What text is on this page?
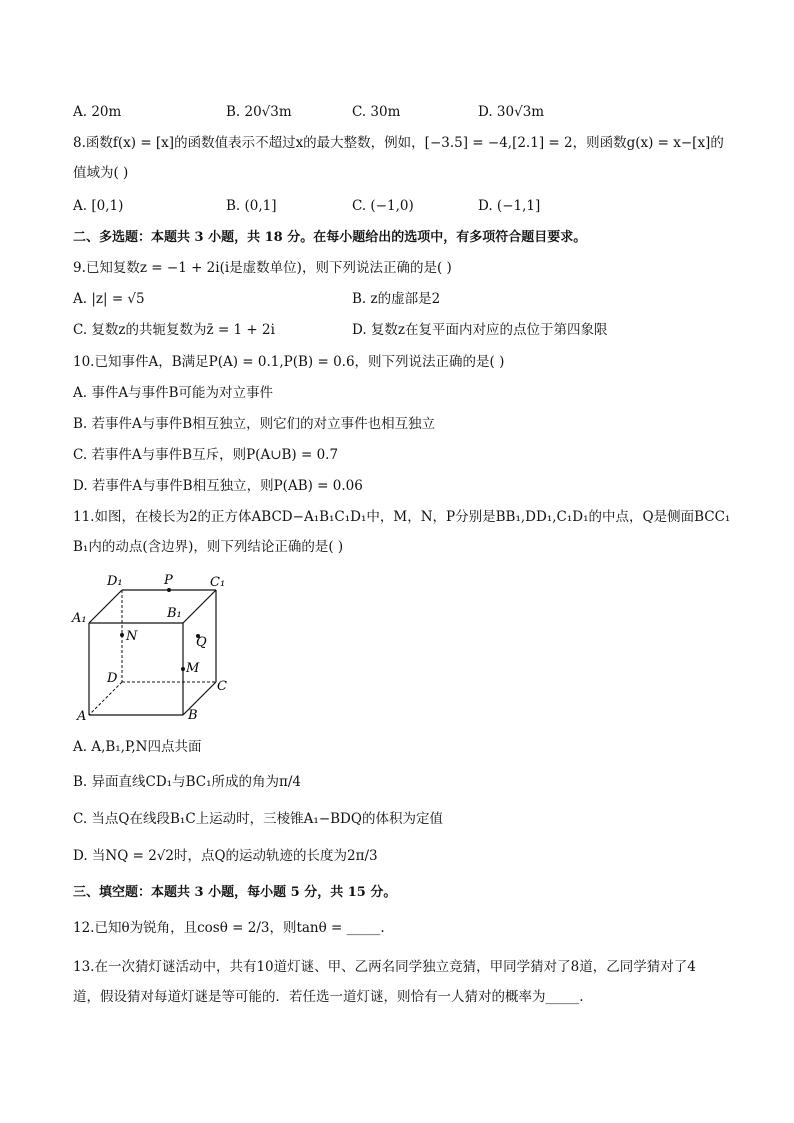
A. 20m	B. 20√3m	C. 30m	D. 30√3m
8.函数f(x) = [x]的函数值表示不超过x的最大整数，例如，[−3.5] = −4,[2.1] = 2，则函数g(x) = x−[x]的
值域为( )
A. [0,1)	B. (0,1]	C. (−1,0)	D. (−1,1]
二、多选题：本题共 3 小题，共 18 分。在每小题给出的选项中，有多项符合题目要求。
9.已知复数z = −1 + 2i(i是虚数单位)，则下列说法正确的是( )
A. |z| = √5	B. z的虚部是2
C. 复数z的共轭复数为z̄ = 1 + 2i	D. 复数z在复平面内对应的点位于第四象限
10.已知事件A，B满足P(A) = 0.1,P(B) = 0.6，则下列说法正确的是( )
A. 事件A与事件B可能为对立事件
B. 若事件A与事件B相互独立，则它们的对立事件也相互独立
C. 若事件A与事件B互斥，则P(A∪B) = 0.7
D. 若事件A与事件B相互独立，则P(AB) = 0.06
11.如图，在棱长为2的正方体ABCD−A₁B₁C₁D₁中，M，N，P分别是BB₁,DD₁,C₁D₁的中点，Q是侧面BCC₁
B₁内的动点(含边界)，则下列结论正确的是( )
D₁	P	C₁
A₁	B₁
N	Q
M
D
C
A	B
A. A,B₁,P,N四点共面
B. 异面直线CD₁与BC₁所成的角为π/4
C. 当点Q在线段B₁C上运动时，三棱锥A₁−BDQ的体积为定值
D. 当NQ = 2√2时，点Q的运动轨迹的长度为2π/3
三、填空题：本题共 3 小题，每小题 5 分，共 15 分。
12.已知θ为锐角，且cosθ = 2/3，则tanθ = _____.
13.在一次猜灯谜活动中，共有10道灯谜、甲、乙两名同学独立竞猜，甲同学猜对了8道，乙同学猜对了4
道，假设猜对每道灯谜是等可能的．若任选一道灯谜，则恰有一人猜对的概率为_____.
